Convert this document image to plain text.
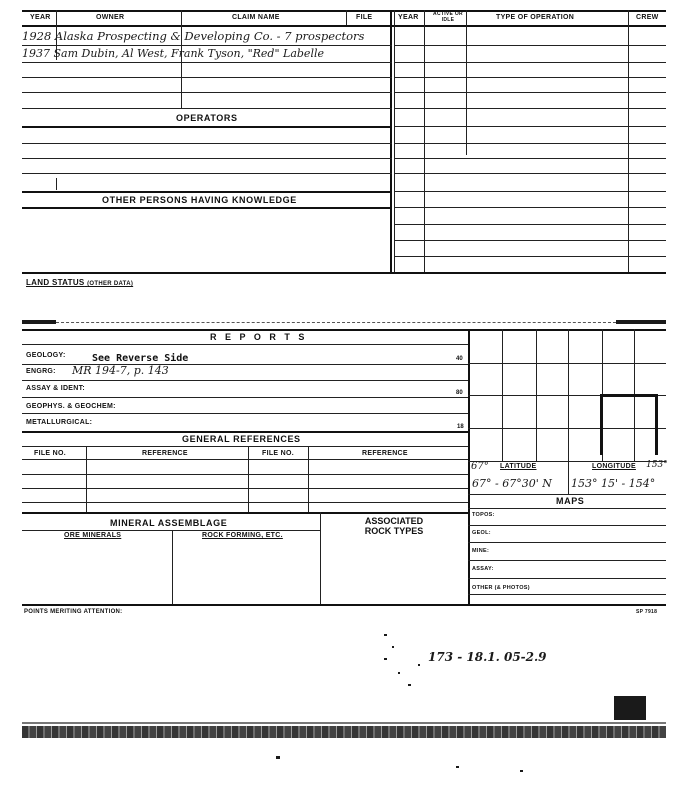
YEAR	OWNER	CLAIM NAME	FILE	YEAR	ACTIVE OR IDLE	TYPE OF OPERATION	CREW
1928 Alaska Prospecting & Developing Co. - 7 prospectors
1937 Sam Dubin, Al West, Frank Tyson, "Red" Labelle
OPERATORS
OTHER PERSONS HAVING KNOWLEDGE
LAND STATUS (OTHER DATA)
R E P O R T S
GEOLOGY:	See Reverse Side	40
ENGRG: MR 194-7, p. 143
ASSAY & IDENT:
80
GEOPHYS. & GEOCHEM:
METALLURGICAL:
18
GENERAL REFERENCES
FILE NO.	REFERENCE	FILE NO.	REFERENCE
MINERAL ASSEMBLAGE	ASSOCIATED ROCK TYPES
ORE MINERALS	ROCK FORMING, ETC.
67° LATITUDE	LONGITUDE 153°
67° - 67°30' N 153° 15' - 154°
MAPS
TOPOS:
GEOL:
MINE:
ASSAY:
OTHER (& PHOTOS)
POINTS MERITING ATTENTION:	SP 7918
173 - 18.1. 05-2.9
